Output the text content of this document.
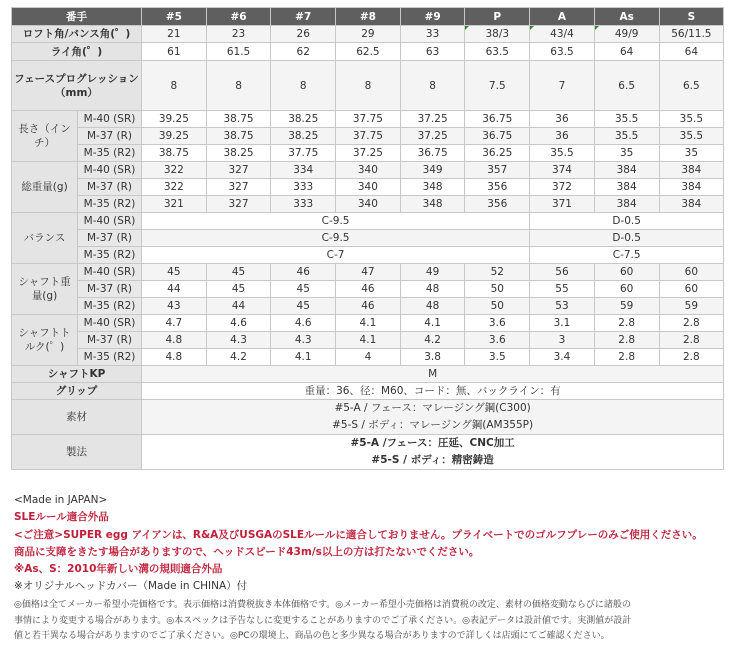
番手		#5	#6	#7	#8	#9	P	A	As	S
ロフト角/バンス角(゜)		21	23	26	29	33	38/3	43/4	49/9	56/11.5
ライ角(゜)		61	61.5	62	62.5	63	63.5	63.5	64	64

フェースプログレッション
（mm）		8	8	8	8	8	7.5	7	6.5	6.5
長さ（インチ）	M-40 (SR)	39.25	38.75	38.25	37.75	37.25	36.75	36	35.5	35.5
	M-37 (R)	39.25	38.75	38.25	37.75	37.25	36.75	36	35.5	35.5
	M-35 (R2)	38.75	38.25	37.75	37.25	36.75	36.25	35.5	35	35
総重量(g)	M-40 (SR)	322	327	334	340	349	357	374	384	384
	M-37 (R)	322	327	333	340	348	356	372	384	384
	M-35 (R2)	321	327	333	340	348	356	371	384	384
バランス	M-40 (SR)	C-9.5						D-0.5		
	M-37 (R)	C-9.5						D-0.5		
	M-35 (R2)	C-7						C-7.5		

シャフト重
量(g)	M-40 (SR)	45	45	46	47	49	52	56	60	60
	M-37 (R)	44	45	45	46	48	50	55	60	60
	M-35 (R2)	43	44	45	46	48	50	53	59	59

シャフトト
ルク(゜)	M-40 (SR)	4.7	4.6	4.6	4.1	4.1	3.6	3.1	2.8	2.8
	M-37 (R)	4.8	4.3	4.3	4.1	4.2	3.6	3	2.8	2.8
	M-35 (R2)	4.8	4.2	4.1	4	3.8	3.5	3.4	2.8	2.8
シャフトKP		M								
グリップ		重量：36、径：M60、コード：無、バックライン：有								
素材		#5-A / フェース：マレージング鋼(C300)
#5-S / ボディ：マレージング鋼(AM355P)								

製法		#5-A /フェース：圧延、CNC加工
#5-S / ボディ：精密鋳造								
<Made in JAPAN>
SLEルール適合外品
<ご注意>SUPER egg アイアンは、R&A及びUSGAのSLEルールに適合しておりません。プライベートでのゴルフプレーのみご使用ください。
商品に支障をきたす場合がありますので、ヘッドスピード43m/s以上の方は打たないでください。
※As、S：2010年新しい溝の規則適合外品
※オリジナルヘッドカバー（Made in CHINA）付
◎価格は全てメーカー希望小売価格です。表示価格は消費税抜き本体価格です。◎メーカー希望小売価格は消費税の改定、素材の価格変動ならびに諸般の
事情により変更する場合があります。◎本スペックは予告なしに変更することがありますのでご了承ください。◎表記データは設計値です。実測値が設計
値と若干異なる場合がありますのでご了承ください。◎PCの環境上、商品の色と多少異なる場合がありますので詳しくは店頭にてご確認ください。
